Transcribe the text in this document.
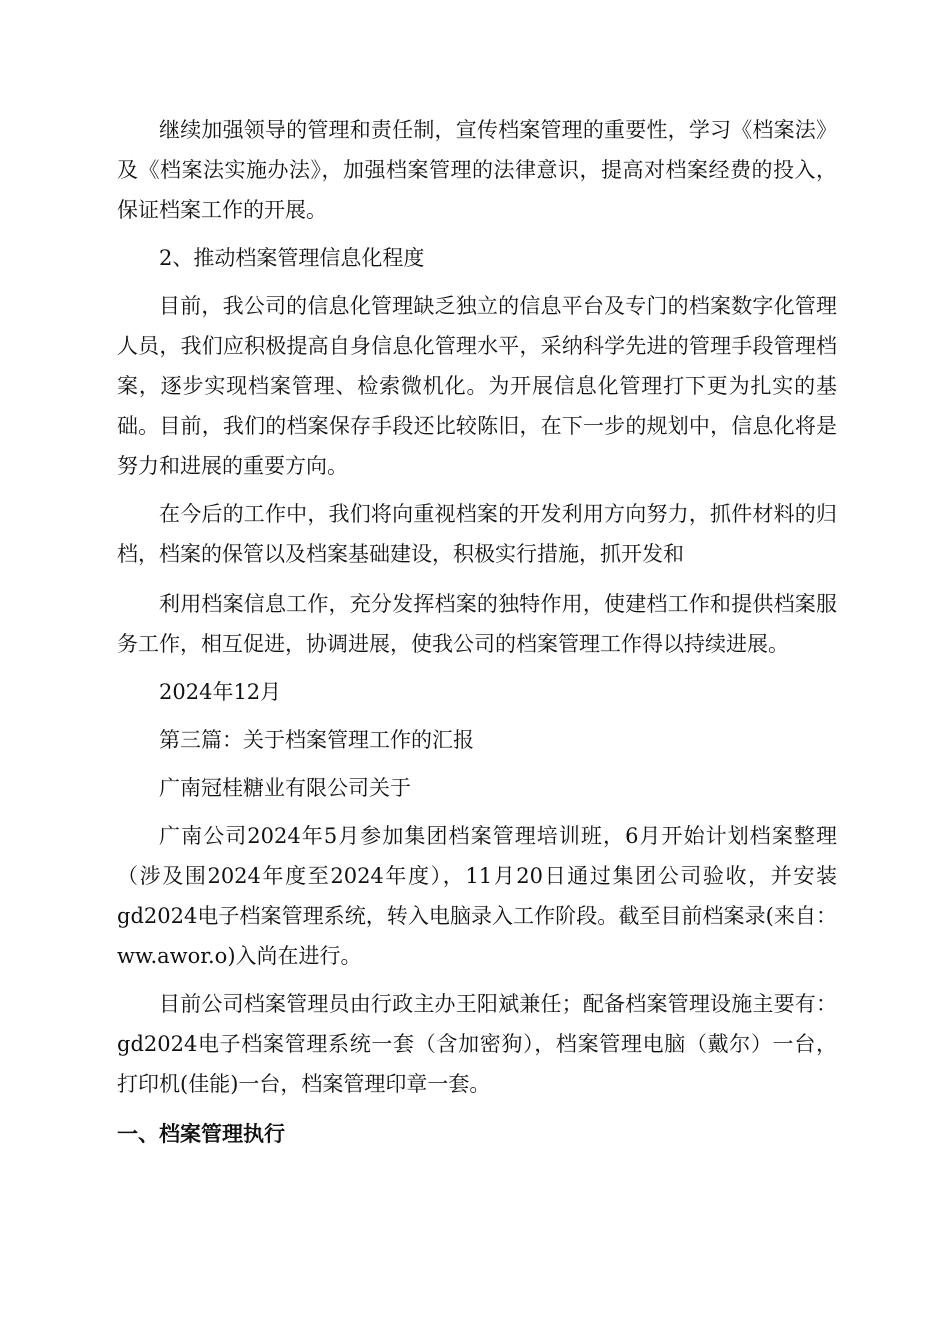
继续加强领导的管理和责任制，宣传档案管理的重要性，学习《档案法》及《档案法实施办法》，加强档案管理的法律意识，提高对档案经费的投入，保证档案工作的开展。

2、推动档案管理信息化程度

目前，我公司的信息化管理缺乏独立的信息平台及专门的档案数字化管理人员，我们应积极提高自身信息化管理水平，采纳科学先进的管理手段管理档案，逐步实现档案管理、检索微机化。为开展信息化管理打下更为扎实的基础。目前，我们的档案保存手段还比较陈旧，在下一步的规划中，信息化将是努力和进展的重要方向。

在今后的工作中，我们将向重视档案的开发利用方向努力，抓件材料的归档，档案的保管以及档案基础建设，积极实行措施，抓开发和

利用档案信息工作，充分发挥档案的独特作用，使建档工作和提供档案服务工作，相互促进，协调进展，使我公司的档案管理工作得以持续进展。

2024年12月

第三篇：关于档案管理工作的汇报

广南冠桂糖业有限公司关于

广南公司2024年5月参加集团档案管理培训班，6月开始计划档案整理（涉及围2024年度至2024年度），11月20日通过集团公司验收，并安装gd2024电子档案管理系统，转入电脑录入工作阶段。截至目前档案录(来自：ww.awor.o)入尚在进行。

目前公司档案管理员由行政主办王阳斌兼任；配备档案管理设施主要有：gd2024电子档案管理系统一套（含加密狗），档案管理电脑（戴尔）一台，打印机(佳能)一台，档案管理印章一套。

一、档案管理执行
